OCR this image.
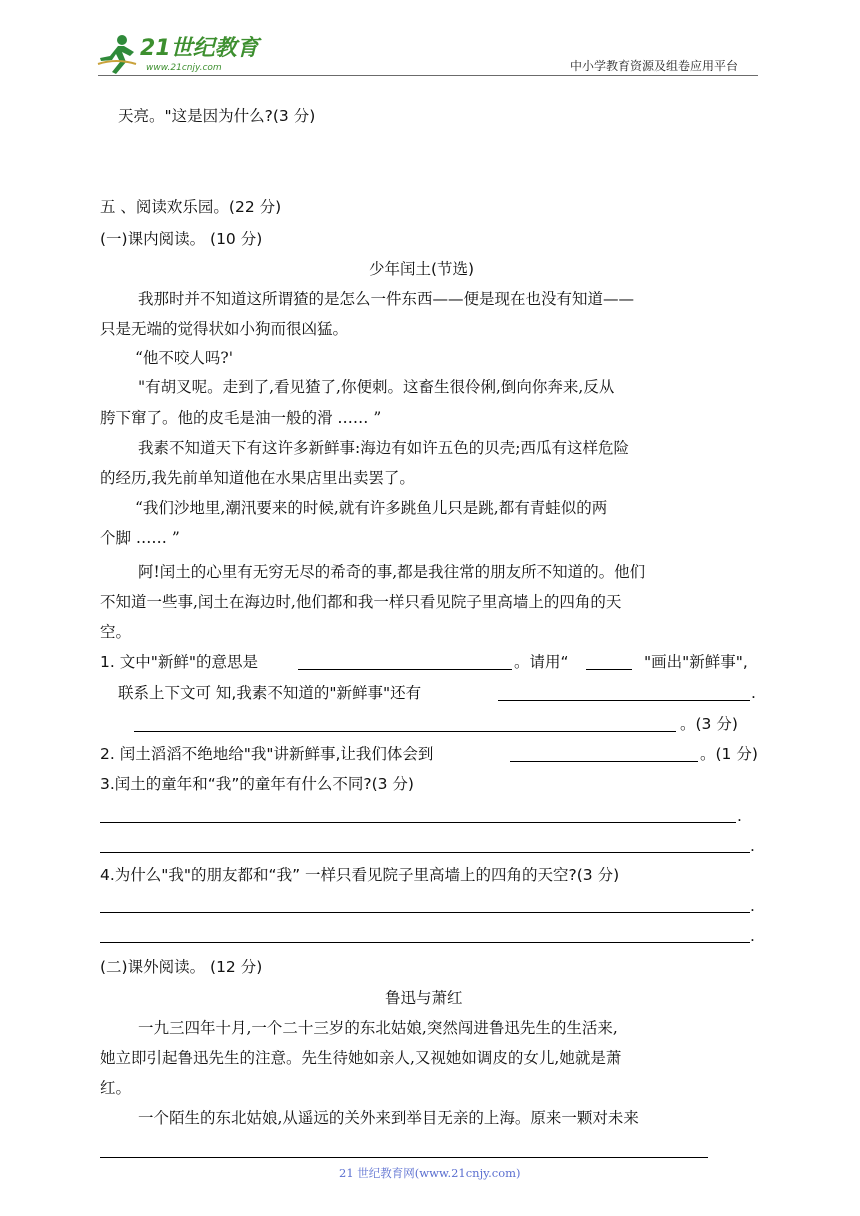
21世纪教育
www.21cnjy.com	中小学教育资源及组卷应用平台
天亮。"这是因为什么?(3 分)
五 、阅读欢乐园。(22 分)
(一)课内阅读。 (10 分)
少年闰土(节选)
我那时并不知道这所谓猹的是怎么一件东西——便是现在也没有知道——
只是无端的觉得状如小狗而很凶猛。
“他不咬人吗?'
"有胡叉呢。走到了,看见猹了,你便刺。这畜生很伶俐,倒向你奔来,反从
胯下窜了。他的皮毛是油一般的滑 …… ”
我素不知道天下有这许多新鲜事:海边有如许五色的贝壳;西瓜有这样危险
的经历,我先前单知道他在水果店里出卖罢了。
“我们沙地里,潮汛要来的时候,就有许多跳鱼儿只是跳,都有青蛙似的两
个脚 …… ”
阿!闰土的心里有无穷无尽的希奇的事,都是我往常的朋友所不知道的。他们
不知道一些事,闰土在海边时,他们都和我一样只看见院子里高墙上的四角的天
空。
1. 文中"新鲜"的意思是	。请用“	"画出"新鲜事",
联系上下文可 知,我素不知道的"新鲜事"还有	.
。(3 分)
2. 闰土滔滔不绝地给"我"讲新鲜事,让我们体会到	。(1 分)
3.闰土的童年和“我”的童年有什么不同?(3 分)
.
.
4.为什么"我"的朋友都和“我” 一样只看见院子里高墙上的四角的天空?(3 分)
.
.
(二)课外阅读。 (12 分)
鲁迅与萧红
一九三四年十月,一个二十三岁的东北姑娘,突然闯进鲁迅先生的生活来,
她立即引起鲁迅先生的注意。先生待她如亲人,又视她如调皮的女儿,她就是萧
红。
一个陌生的东北姑娘,从遥远的关外来到举目无亲的上海。原来一颗对未来
21 世纪教育网(www.21cnjy.com)
